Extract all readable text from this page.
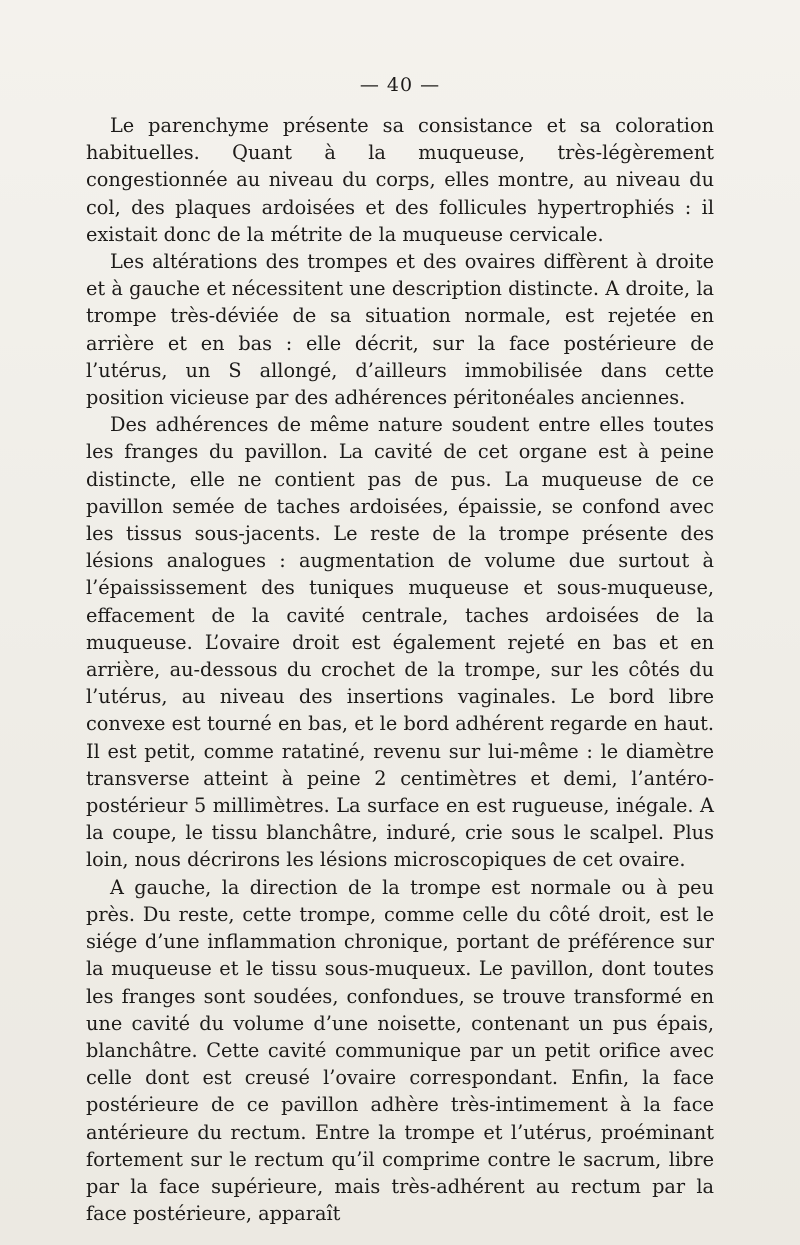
— 40 —

Le parenchyme présente sa consistance et sa coloration habituelles. Quant à la muqueuse, très-légèrement congestionnée au niveau du corps, elles montre, au niveau du col, des plaques ardoisées et des follicules hypertrophiés : il existait donc de la métrite de la muqueuse cervicale.

Les altérations des trompes et des ovaires diffèrent à droite et à gauche et nécessitent une description distincte. A droite, la trompe très-déviée de sa situation normale, est rejetée en arrière et en bas : elle décrit, sur la face postérieure de l’utérus, un S allongé, d’ailleurs immobilisée dans cette position vicieuse par des adhérences péritonéales anciennes.

Des adhérences de même nature soudent entre elles toutes les franges du pavillon. La cavité de cet organe est à peine distincte, elle ne contient pas de pus. La muqueuse de ce pavillon semée de taches ardoisées, épaissie, se confond avec les tissus sous-jacents. Le reste de la trompe présente des lésions analogues : augmentation de volume due surtout à l’épaississement des tuniques muqueuse et sous-muqueuse, effacement de la cavité centrale, taches ardoisées de la muqueuse. L’ovaire droit est également rejeté en bas et en arrière, au-dessous du crochet de la trompe, sur les côtés du l’utérus, au niveau des insertions vaginales. Le bord libre convexe est tourné en bas, et le bord adhérent regarde en haut. Il est petit, comme ratatiné, revenu sur lui-même : le diamètre transverse atteint à peine 2 centimètres et demi, l’antéro-postérieur 5 millimètres. La surface en est rugueuse, inégale. A la coupe, le tissu blanchâtre, induré, crie sous le scalpel. Plus loin, nous décrirons les lésions microscopiques de cet ovaire.

A gauche, la direction de la trompe est normale ou à peu près. Du reste, cette trompe, comme celle du côté droit, est le siége d’une inflammation chronique, portant de préférence sur la muqueuse et le tissu sous-muqueux. Le pavillon, dont toutes les franges sont soudées, confondues, se trouve transformé en une cavité du volume d’une noisette, contenant un pus épais, blanchâtre. Cette cavité communique par un petit orifice avec celle dont est creusé l’ovaire correspondant. Enfin, la face postérieure de ce pavillon adhère très-intimement à la face antérieure du rectum. Entre la trompe et l’utérus, proéminant fortement sur le rectum qu’il comprime contre le sacrum, libre par la face supérieure, mais très-adhérent au rectum par la face postérieure, apparaît
